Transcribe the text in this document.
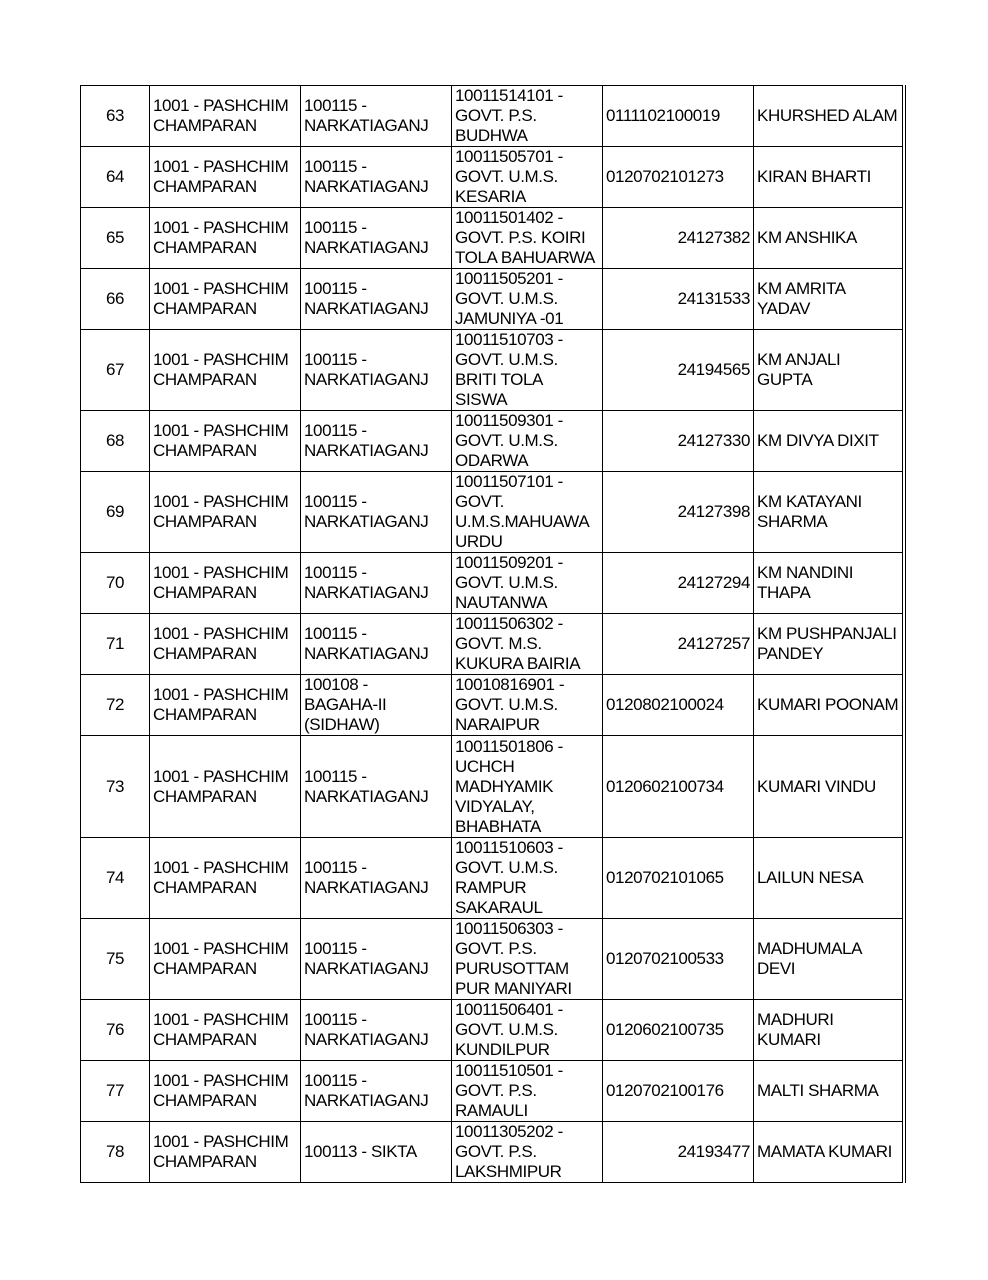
63	1001 - PASHCHIM
CHAMPARAN	100115 -
NARKATIAGANJ	10011514101 -
GOVT. P.S.
BUDHWA	0111102100019	KHURSHED ALAM
64	1001 - PASHCHIM
CHAMPARAN	100115 -
NARKATIAGANJ	10011505701 -
GOVT. U.M.S.
KESARIA	0120702101273	KIRAN BHARTI
65	1001 - PASHCHIM
CHAMPARAN	100115 -
NARKATIAGANJ	10011501402 -
GOVT. P.S. KOIRI
TOLA BAHUARWA	24127382	KM ANSHIKA
66	1001 - PASHCHIM
CHAMPARAN	100115 -
NARKATIAGANJ	10011505201 -
GOVT. U.M.S.
JAMUNIYA -01	24131533	KM AMRITA
YADAV
67	1001 - PASHCHIM
CHAMPARAN	100115 -
NARKATIAGANJ	10011510703 -
GOVT. U.M.S.
BRITI TOLA
SISWA	24194565	KM ANJALI GUPTA
68	1001 - PASHCHIM
CHAMPARAN	100115 -
NARKATIAGANJ	10011509301 -
GOVT. U.M.S.
ODARWA	24127330	KM DIVYA DIXIT
69	1001 - PASHCHIM
CHAMPARAN	100115 -
NARKATIAGANJ	10011507101 -
GOVT.
U.M.S.MAHUAWA
URDU	24127398	KM KATAYANI
SHARMA
70	1001 - PASHCHIM
CHAMPARAN	100115 -
NARKATIAGANJ	10011509201 -
GOVT. U.M.S.
NAUTANWA	24127294	KM NANDINI
THAPA
71	1001 - PASHCHIM
CHAMPARAN	100115 -
NARKATIAGANJ	10011506302 -
GOVT. M.S.
KUKURA BAIRIA	24127257	KM PUSHPANJALI
PANDEY
72	1001 - PASHCHIM
CHAMPARAN	100108 -
BAGAHA-II
(SIDHAW)	10010816901 -
GOVT. U.M.S.
NARAIPUR	0120802100024	KUMARI POONAM
73	1001 - PASHCHIM
CHAMPARAN	100115 -
NARKATIAGANJ	10011501806 -
UCHCH
MADHYAMIK
VIDYALAY,
BHABHATA	0120602100734	KUMARI VINDU
74	1001 - PASHCHIM
CHAMPARAN	100115 -
NARKATIAGANJ	10011510603 -
GOVT. U.M.S.
RAMPUR
SAKARAUL	0120702101065	LAILUN NESA
75	1001 - PASHCHIM
CHAMPARAN	100115 -
NARKATIAGANJ	10011506303 -
GOVT. P.S.
PURUSOTTAM
PUR MANIYARI	0120702100533	MADHUMALA
DEVI
76	1001 - PASHCHIM
CHAMPARAN	100115 -
NARKATIAGANJ	10011506401 -
GOVT. U.M.S.
KUNDILPUR	0120602100735	MADHURI KUMARI
77	1001 - PASHCHIM
CHAMPARAN	100115 -
NARKATIAGANJ	10011510501 -
GOVT. P.S.
RAMAULI	0120702100176	MALTI SHARMA
78	1001 - PASHCHIM
CHAMPARAN	100113 - SIKTA	10011305202 -
GOVT. P.S.
LAKSHMIPUR	24193477	MAMATA KUMARI
